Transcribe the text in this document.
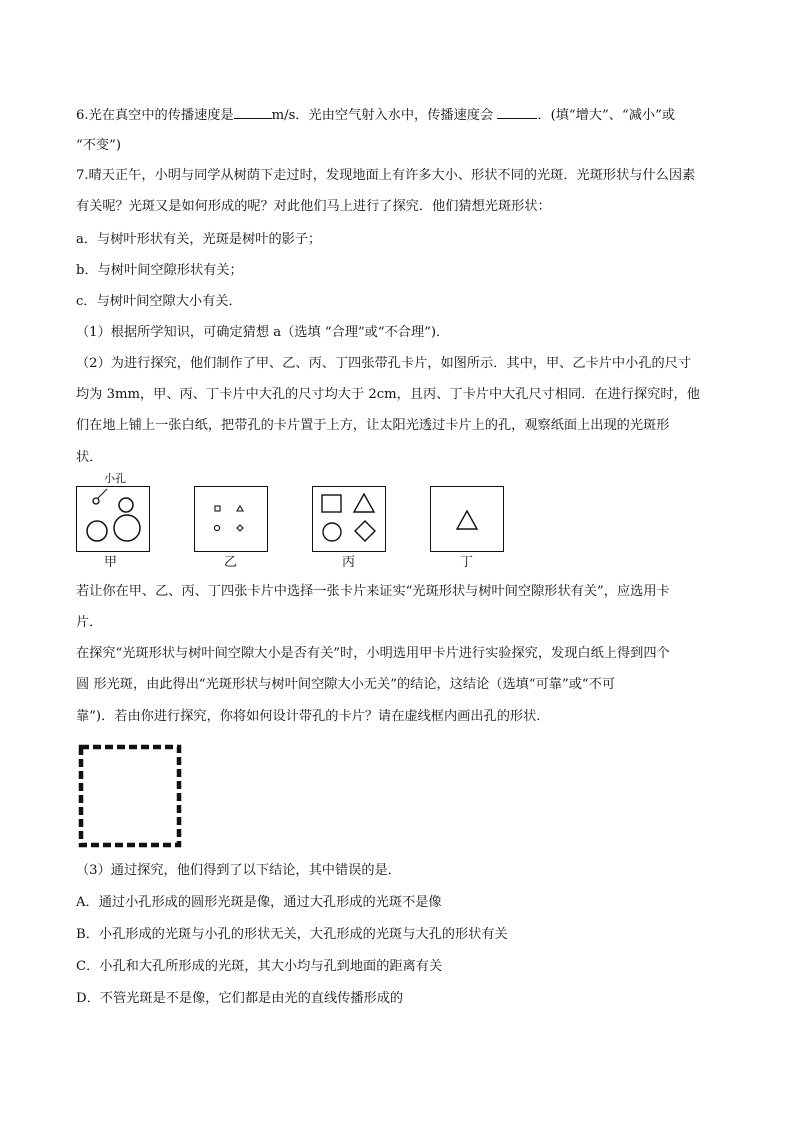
6.光在真空中的传播速度是	m/s．光由空气射入水中，传播速度会	．(填“增大”、“减小”或
“不变”)
7.晴天正午，小明与同学从树荫下走过时，发现地面上有许多大小、形状不同的光斑．光斑形状与什么因素
有关呢？光斑又是如何形成的呢？对此他们马上进行了探究．他们猜想光斑形状：
a．与树叶形状有关，光斑是树叶的影子；
b．与树叶间空隙形状有关；
c．与树叶间空隙大小有关．
（1）根据所学知识，可确定猜想 a（选填 “合理”或“不合理”)．
（2）为进行探究，他们制作了甲、乙、丙、丁四张带孔卡片，如图所示．其中，甲、乙卡片中小孔的尺寸
均为 3mm，甲、丙、丁卡片中大孔的尺寸均大于 2cm，且丙、丁卡片中大孔尺寸相同．在进行探究时，他
们在地上铺上一张白纸，把带孔的卡片置于上方，让太阳光透过卡片上的孔，观察纸面上出现的光斑形
状．
小孔
甲	乙	丙	丁
若让你在甲、乙、丙、丁四张卡片中选择一张卡片来证实“光斑形状与树叶间空隙形状有关”，应选用卡
片．
在探究“光斑形状与树叶间空隙大小是否有关”时，小明选用甲卡片进行实验探究，发现白纸上得到四个
圆 形光斑，由此得出“光斑形状与树叶间空隙大小无关”的结论，这结论（选填“可靠”或“不可
靠”)．若由你进行探究，你将如何设计带孔的卡片？请在虚线框内画出孔的形状．
（3）通过探究，他们得到了以下结论，其中错误的是．
A．通过小孔形成的圆形光斑是像，通过大孔形成的光斑不是像
B．小孔形成的光斑与小孔的形状无关，大孔形成的光斑与大孔的形状有关
C．小孔和大孔所形成的光斑，其大小均与孔到地面的距离有关
D．不管光斑是不是像，它们都是由光的直线传播形成的
